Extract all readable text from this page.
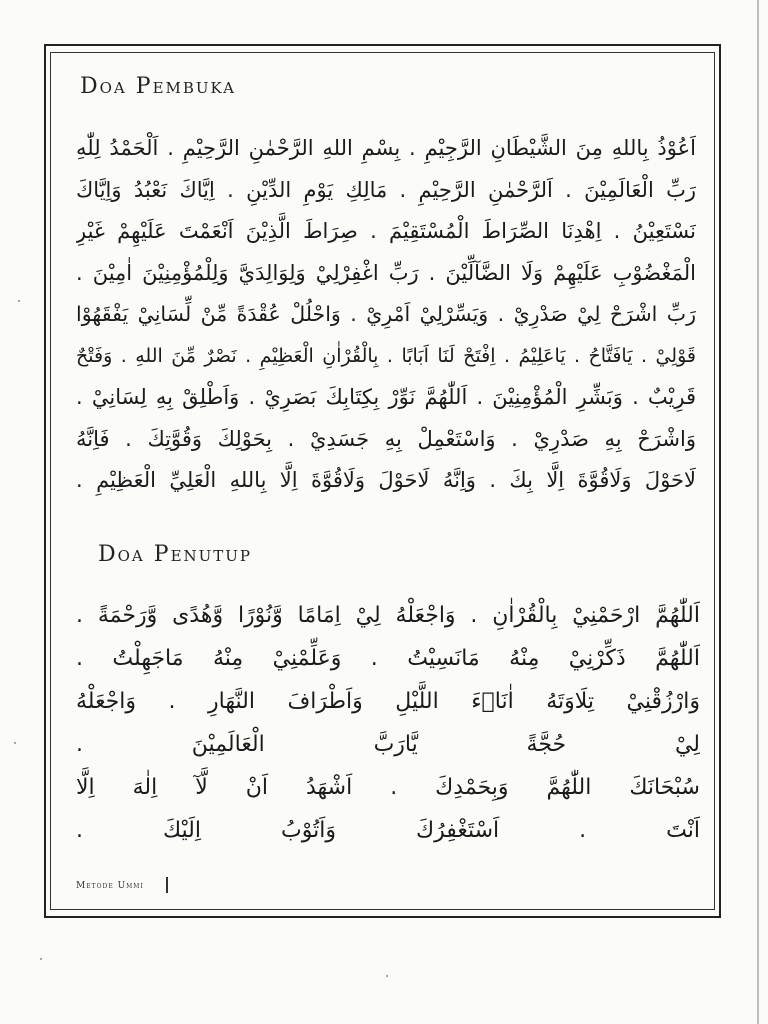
Doa Pembuka
اَعُوْذُ بِاللهِ مِنَ الشَّيْطَانِ الرَّجِيْمِ . بِسْمِ اللهِ الرَّحْمٰنِ الرَّحِيْمِ . اَلْحَمْدُ لِلّٰهِ
رَبِّ الْعَالَمِيْنَ . اَلرَّحْمٰنِ الرَّحِيْمِ . مَالِكِ يَوْمِ الدِّيْنِ . اِيَّاكَ نَعْبُدُ وَاِيَّاكَ
نَسْتَعِيْنُ . اِهْدِنَا الصِّرَاطَ الْمُسْتَقِيْمَ . صِرَاطَ الَّذِيْنَ اَنْعَمْتَ عَلَيْهِمْ غَيْرِ
الْمَغْضُوْبِ عَلَيْهِمْ وَلَا الضَّآلِّيْنَ . رَبِّ اغْفِرْلِيْ وَلِوَالِدَيَّ وَلِلْمُؤْمِنِيْنَ اٰمِيْنَ .
رَبِّ اشْرَحْ لِيْ صَدْرِيْ . وَيَسِّرْلِيْ اَمْرِيْ . وَاحْلُلْ عُقْدَةً مِّنْ لِّسَانِيْ يَفْقَهُوْا
قَوْلِيْ . يَافَتَّاحُ . يَاعَلِيْمُ . اِفْتَحْ لَنَا اَبَابًا . بِالْقُرْاٰنِ الْعَظِيْمِ . نَصْرٌ مِّنَ اللهِ . وَفَتْحٌ
قَرِيْبٌ . وَبَشِّرِ الْمُؤْمِنِيْنَ . اَللّٰهُمَّ نَوِّرْ بِكِتَابِكَ بَصَرِيْ . وَاَطْلِقْ بِهِ لِسَانِيْ .
وَاشْرَحْ بِهِ صَدْرِيْ . وَاسْتَعْمِلْ بِهِ جَسَدِيْ . بِحَوْلِكَ وَقُوَّتِكَ . فَاِنَّهُ
لَاحَوْلَ وَلَاقُوَّةَ اِلَّا بِكَ . وَاِنَّهُ لَاحَوْلَ وَلَاقُوَّةَ اِلَّا بِاللهِ الْعَلِيِّ الْعَظِيْمِ .
Doa Penutup
اَللّٰهُمَّ ارْحَمْنِيْ بِالْقُرْاٰنِ . وَاجْعَلْهُ لِيْ اِمَامًا وَّنُوْرًا وَّهُدًى وَّرَحْمَةً .
اَللّٰهُمَّ ذَكِّرْنِيْ مِنْهُ مَانَسِيْتُ . وَعَلِّمْنِيْ مِنْهُ مَاجَهِلْتُ .
وَارْزُقْنِيْ تِلَاوَتَهُ اٰنَاۤءَ اللَّيْلِ وَاَطْرَافَ النَّهَارِ . وَاجْعَلْهُ
لِيْ حُجَّةً يَّارَبَّ الْعَالَمِيْنَ .
سُبْحَانَكَ اللّٰهُمَّ وَبِحَمْدِكَ . اَشْهَدُ اَنْ لَّآ اِلٰهَ اِلَّا
اَنْتَ . اَسْتَغْفِرُكَ وَاَتُوْبُ اِلَيْكَ .
Metode Ummi
